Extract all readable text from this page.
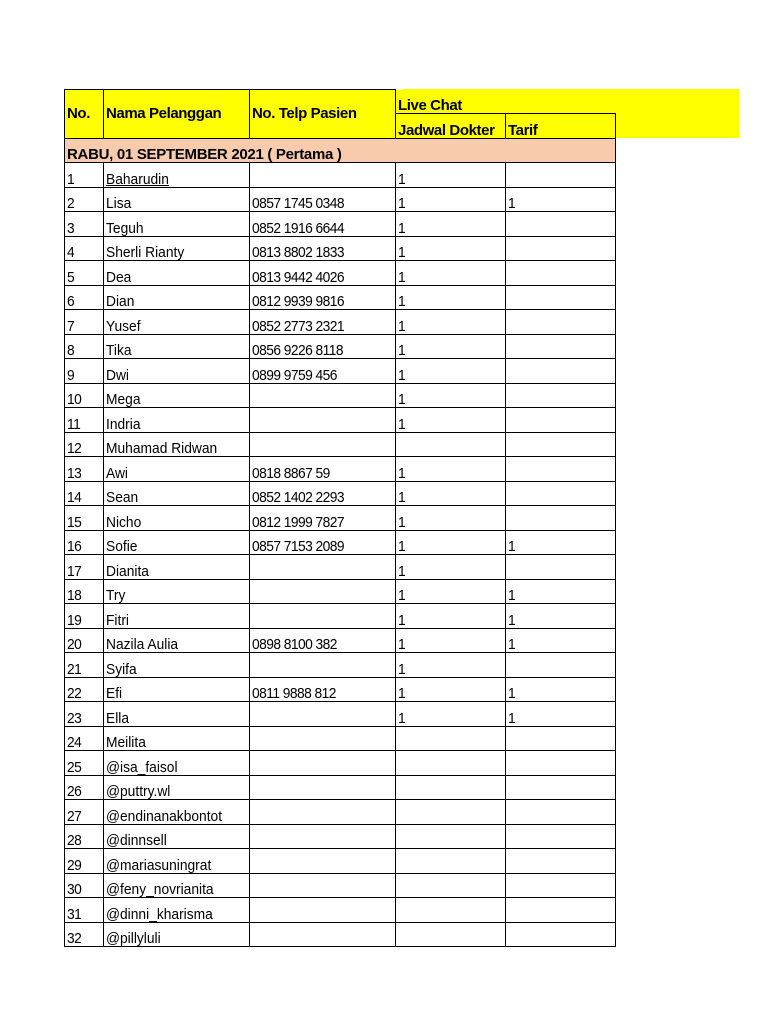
No.	Nama Pelanggan	No. Telp Pasien	Live Chat	
			Jadwal Dokter	Tarif
RABU, 01 SEPTEMBER 2021 ( Pertama )				
1	Baharudin		1	
2	Lisa	0857 1745 0348	1	1
3	Teguh	0852 1916 6644	1	
4	Sherli Rianty	0813 8802 1833	1	
5	Dea	0813 9442 4026	1	
6	Dian	0812 9939 9816	1	
7	Yusef	0852 2773 2321	1	
8	Tika	0856 9226 8118	1	
9	Dwi	0899 9759 456	1	
10	Mega		1	
11	Indria		1	
12	Muhamad Ridwan			
13	Awi	0818 8867 59	1	
14	Sean	0852 1402 2293	1	
15	Nicho	0812 1999 7827	1	
16	Sofie	0857 7153 2089	1	1
17	Dianita		1	
18	Try		1	1
19	Fitri		1	1
20	Nazila Aulia	0898 8100 382	1	1
21	Syifa		1	
22	Efi	0811 9888 812	1	1
23	Ella		1	1
24	Meilita			
25	@isa_faisol			
26	@puttry.wl			
27	@endinanakbontot			
28	@dinnsell			
29	@mariasuningrat			
30	@feny_novrianita			
31	@dinni_kharisma			
32	@pillyluli			
